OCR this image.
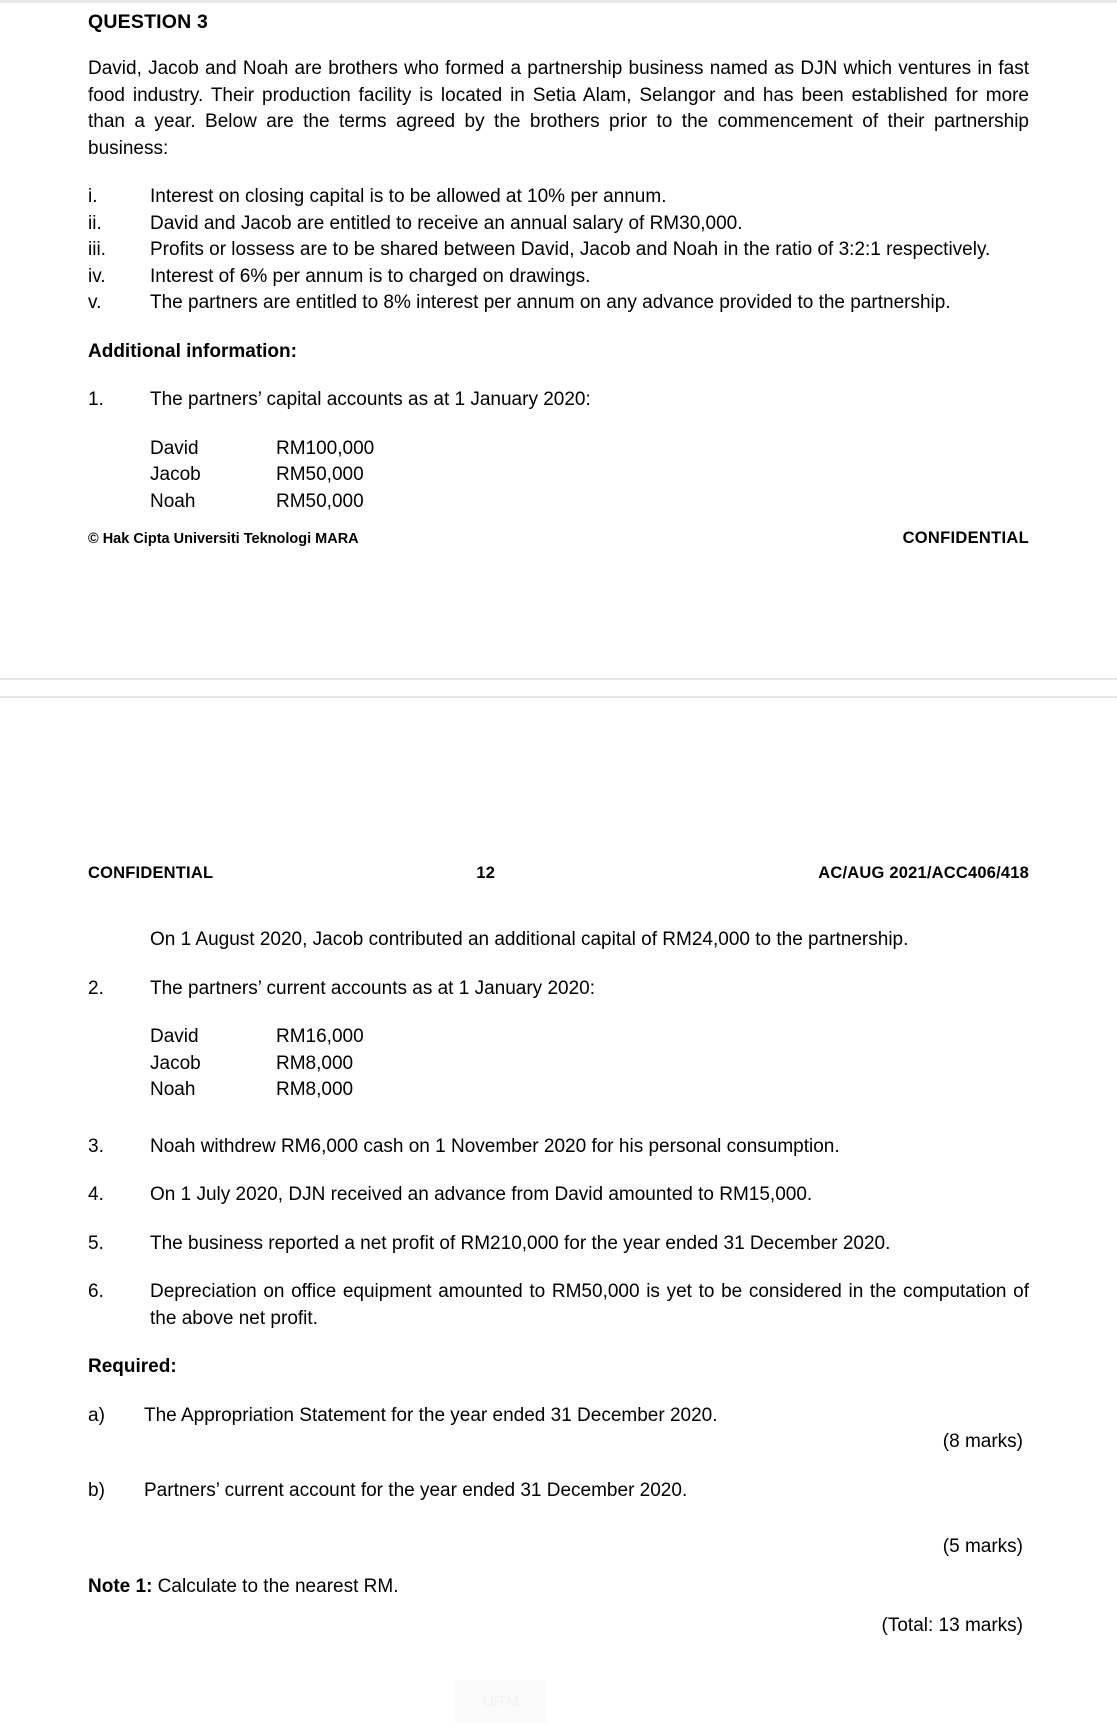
QUESTION 3

David, Jacob and Noah are brothers who formed a partnership business named as DJN which ventures in fast food industry. Their production facility is located in Setia Alam, Selangor and has been established for more than a year. Below are the terms agreed by the brothers prior to the commencement of their partnership business:

i.	Interest on closing capital is to be allowed at 10% per annum.
ii.	David and Jacob are entitled to receive an annual salary of RM30,000.
iii.	Profits or lossess are to be shared between David, Jacob and Noah in the ratio of 3:2:1 respectively.
iv.	Interest of 6% per annum is to charged on drawings.
v.	The partners are entitled to 8% interest per annum on any advance provided to the partnership.
Additional information:
1.	The partners’ capital accounts as at 1 January 2020:
David	RM100,000
Jacob	RM50,000
Noah	RM50,000
© Hak Cipta Universiti Teknologi MARA	CONFIDENTIAL
CONFIDENTIAL	12	AC/AUG 2021/ACC406/418
On 1 August 2020, Jacob contributed an additional capital of RM24,000 to the partnership.
2.	The partners’ current accounts as at 1 January 2020:
David	RM16,000
Jacob	RM8,000
Noah	RM8,000
3.	Noah withdrew RM6,000 cash on 1 November 2020 for his personal consumption.
4.	On 1 July 2020, DJN received an advance from David amounted to RM15,000.
5.	The business reported a net profit of RM210,000 for the year ended 31 December 2020.
6.	Depreciation on office equipment amounted to RM50,000 is yet to be considered in the computation of the above net profit.
Required:
a)	The Appropriation Statement for the year ended 31 December 2020.
(8 marks)
b)	Partners’ current account for the year ended 31 December 2020.
(5 marks)
Note 1: Calculate to the nearest RM.
(Total: 13 marks)
UiTM
